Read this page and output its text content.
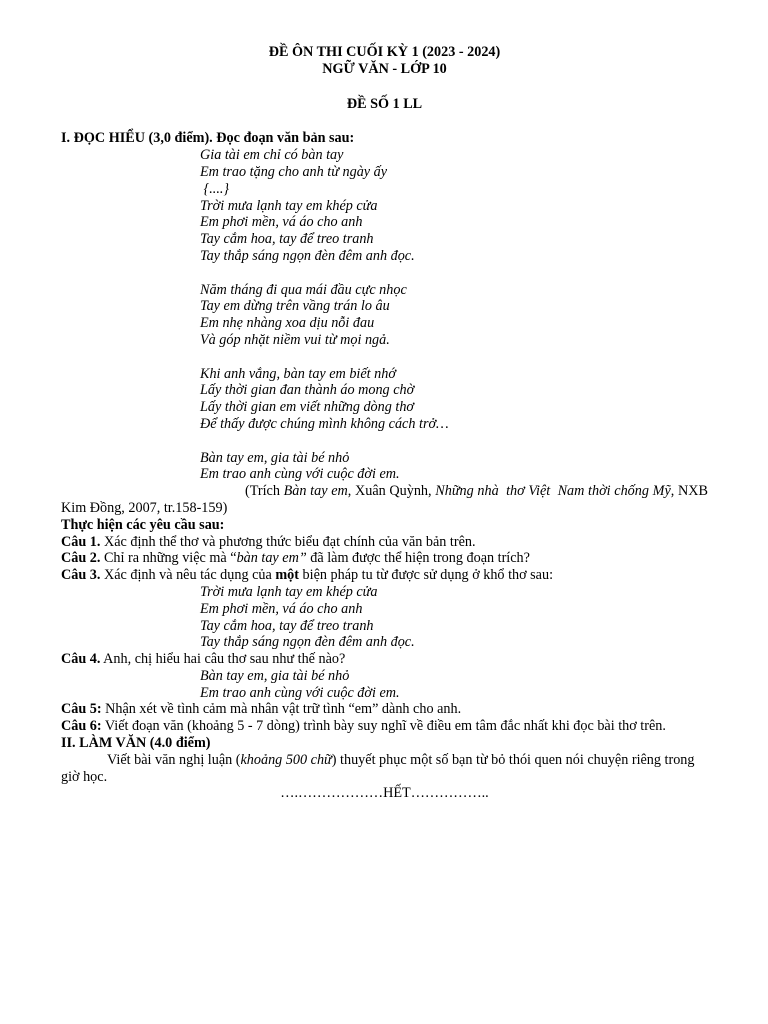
ĐỀ ÔN THI CUỐI KỲ 1 (2023 - 2024)
NGỮ VĂN - LỚP 10
ĐỀ SỐ 1 LL
I. ĐỌC HIỂU (3,0 điểm). Đọc đoạn văn bản sau:
Gia tài em chỉ có bàn tay
Em trao tặng cho anh từ ngày ấy
{....}
Trời mưa lạnh tay em khép cửa
Em phơi mền, vá áo cho anh
Tay cắm hoa, tay để treo tranh
Tay thắp sáng ngọn đèn đêm anh đọc.
Năm tháng đi qua mái đầu cực nhọc
Tay em dừng trên vầng trán lo âu
Em nhẹ nhàng xoa dịu nỗi đau
Và góp nhặt niềm vui từ mọi ngả.
Khi anh vắng, bàn tay em biết nhớ
Lấy thời gian đan thành áo mong chờ
Lấy thời gian em viết những dòng thơ
Để thấy được chúng mình không cách trở…
Bàn tay em, gia tài bé nhỏ
Em trao anh cùng với cuộc đời em.
(Trích Bàn tay em, Xuân Quỳnh, Những nhà  thơ Việt  Nam thời chống Mỹ, NXB Kim Đồng, 2007, tr.158-159)
Thực hiện các yêu cầu sau:
Câu 1. Xác định thể thơ và phương thức biểu đạt chính của văn bản trên.
Câu 2. Chỉ ra những việc mà “bàn tay em” đã làm được thể hiện trong đoạn trích?
Câu 3. Xác định và nêu tác dụng của một biện pháp tu từ được sử dụng ở khổ thơ sau:
Trời mưa lạnh tay em khép cửa
Em phơi mền, vá áo cho anh
Tay cắm hoa, tay để treo tranh
Tay thắp sáng ngọn đèn đêm anh đọc.
Câu 4. Anh, chị hiểu hai câu thơ sau như thế nào?
Bàn tay em, gia tài bé nhỏ
Em trao anh cùng với cuộc đời em.
Câu 5: Nhận xét về tình cảm mà nhân vật trữ tình “em” dành cho anh.
Câu 6: Viết đoạn văn (khoảng 5 - 7 dòng) trình bày suy nghĩ về điều em tâm đắc nhất khi đọc bài thơ trên.
II. LÀM VĂN (4.0 điểm)
Viết bài văn nghị luận (khoảng 500 chữ) thuyết phục một số bạn từ bỏ thói quen nói chuyện riêng trong giờ học.
….………………HẾT……………..
